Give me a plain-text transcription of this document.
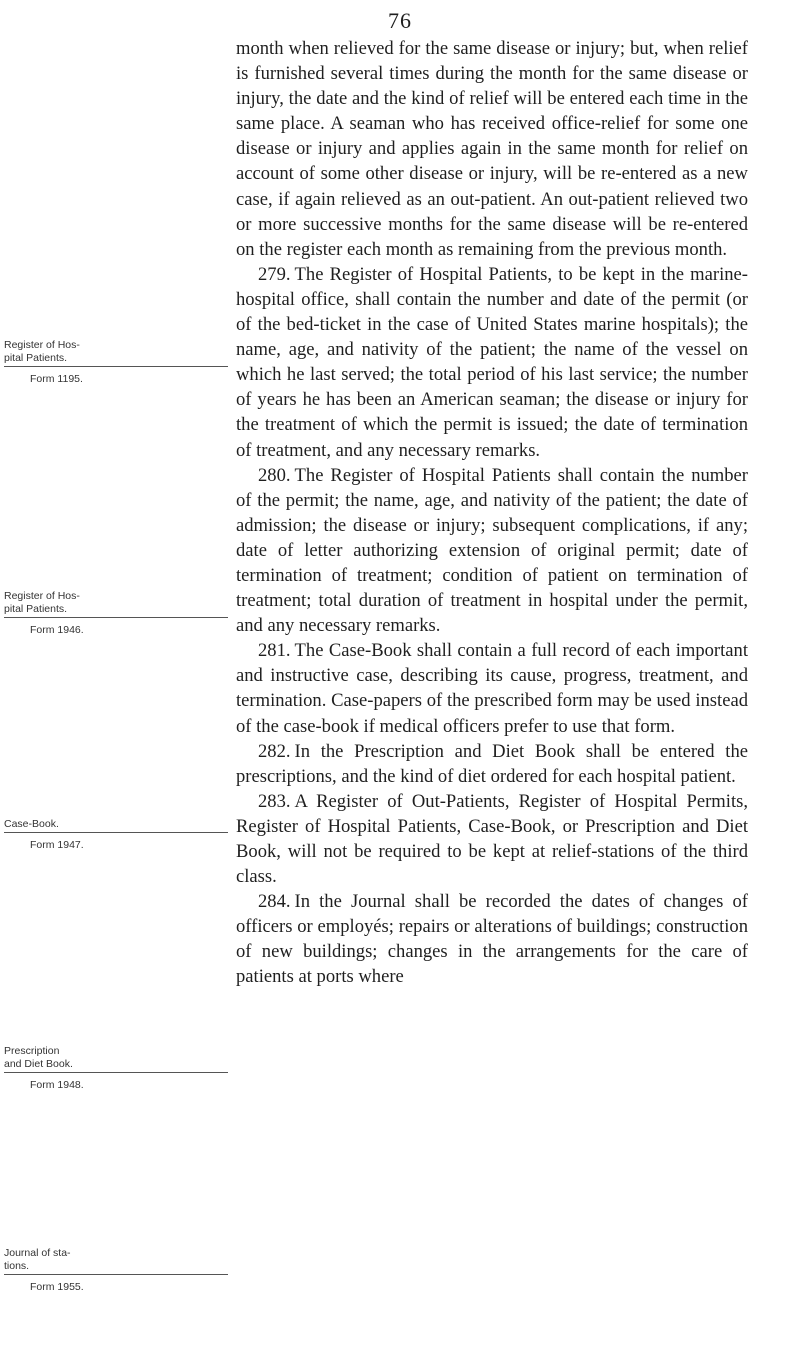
76

month when relieved for the same disease or injury; but, when relief is furnished several times during the month for the same disease or injury, the date and the kind of relief will be entered each time in the same place. A seaman who has received office-relief for some one disease or injury and applies again in the same month for relief on account of some other disease or injury, will be re-entered as a new case, if again relieved as an out-patient. An out-patient relieved two or more successive months for the same disease will be re-entered on the register each month as remaining from the previous month.

279. The Register of Hospital Patients, to be kept in the marine-hospital office, shall contain the number and date of the permit (or of the bed-ticket in the case of United States marine hospitals); the name, age, and nativity of the patient; the name of the vessel on which he last served; the total period of his last service; the number of years he has been an American seaman; the disease or injury for the treatment of which the permit is issued; the date of termination of treatment, and any necessary remarks.

280. The Register of Hospital Patients shall contain the number of the permit; the name, age, and nativity of the patient; the date of admission; the disease or injury; subsequent complications, if any; date of letter authorizing extension of original permit; date of termination of treatment; condition of patient on termination of treatment; total duration of treatment in hospital under the permit, and any necessary remarks.

281. The Case-Book shall contain a full record of each important and instructive case, describing its cause, progress, treatment, and termination. Case-papers of the prescribed form may be used instead of the case-book if medical officers prefer to use that form.

282. In the Prescription and Diet Book shall be entered the prescriptions, and the kind of diet ordered for each hospital patient.

283. A Register of Out-Patients, Register of Hospital Permits, Register of Hospital Patients, Case-Book, or Prescription and Diet Book, will not be required to be kept at relief-stations of the third class.

284. In the Journal shall be recorded the dates of changes of officers or employés; repairs or alterations of buildings; construction of new buildings; changes in the arrangements for the care of patients at ports where

Register of Hos-
pital Patients.
Form 1195.
Register of Hos-
pital Patients.
Form 1946.
Case-Book.
Form 1947.
Prescription
and Diet Book.
Form 1948.
Journal of sta-
tions.
Form 1955.
